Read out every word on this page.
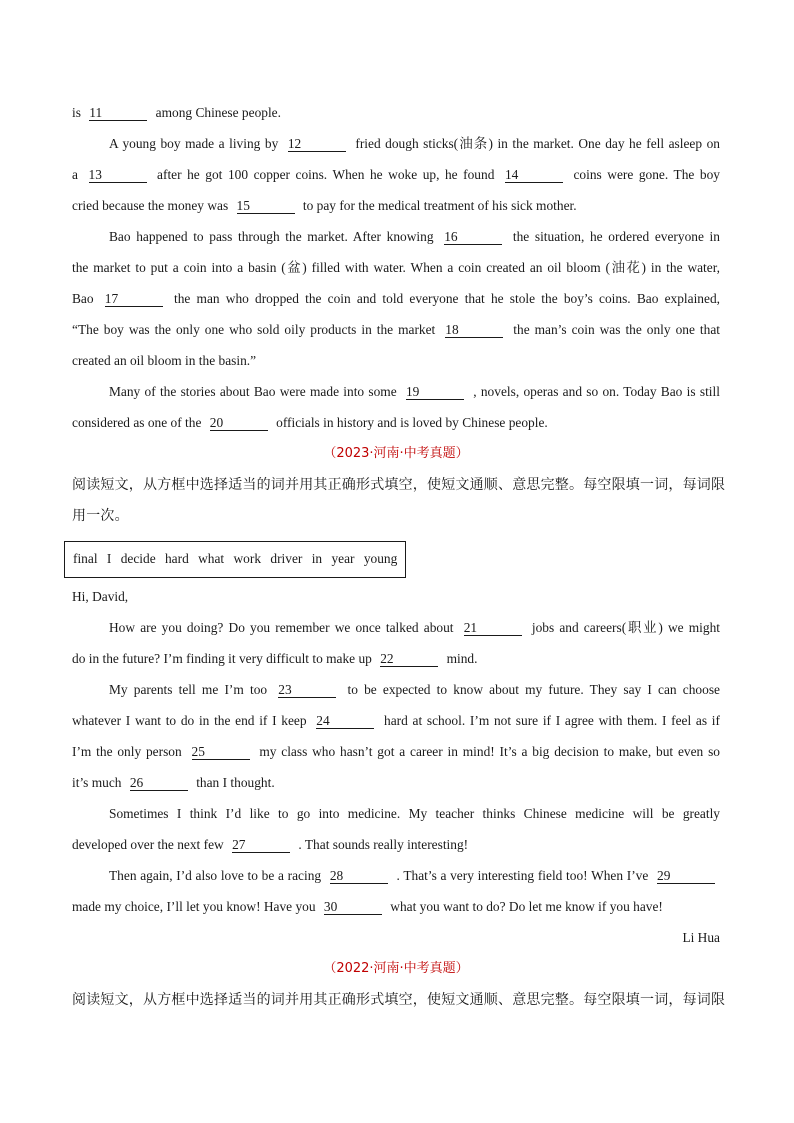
is 11	among Chinese people.
A young boy made a living by 12	fried dough sticks(油条) in the market. One day he fell asleep on
a 13	after he got 100 copper coins. When he woke up, he found 14	coins were gone. The boy
cried because the money was 15	to pay for the medical treatment of his sick mother.
Bao happened to pass through the market. After knowing 16	the situation, he ordered everyone in
the market to put a coin into a basin (盆) filled with water. When a coin created an oil bloom (油花) in the water,
Bao 17	the man who dropped the coin and told everyone that he stole the boy’s coins. Bao explained,
“The boy was the only one who sold oily products in the market 18	the man’s coin was the only one that
created an oil bloom in the basin.”
Many of the stories about Bao were made into some 19	, novels, operas and so on. Today Bao is still
considered as one of the 20	officials in history and is loved by Chinese people.
（2023·河南·中考真题）
阅读短文，从方框中选择适当的词并用其正确形式填空，使短文通顺、意思完整。每空限填一词，每词限
用一次。
final I decide hard what work driver in year young
Hi, David,
How are you doing? Do you remember we once talked about 21	jobs and careers(职业) we might
do in the future? I’m finding it very difficult to make up 22	mind.
My parents tell me I’m too 23	to be expected to know about my future. They say I can choose
whatever I want to do in the end if I keep 24	hard at school. I’m not sure if I agree with them. I feel as if
I’m the only person 25	my class who hasn’t got a career in mind! It’s a big decision to make, but even so
it’s much 26	than I thought.
Sometimes I think I’d like to go into medicine. My teacher thinks Chinese medicine will be greatly
developed over the next few 27	. That sounds really interesting!
Then again, I’d also love to be a racing 28	. That’s a very interesting field too! When I’ve 29
made my choice, I’ll let you know! Have you 30	what you want to do? Do let me know if you have!
Li Hua
（2022·河南·中考真题）
阅读短文，从方框中选择适当的词并用其正确形式填空，使短文通顺、意思完整。每空限填一词，每词限
